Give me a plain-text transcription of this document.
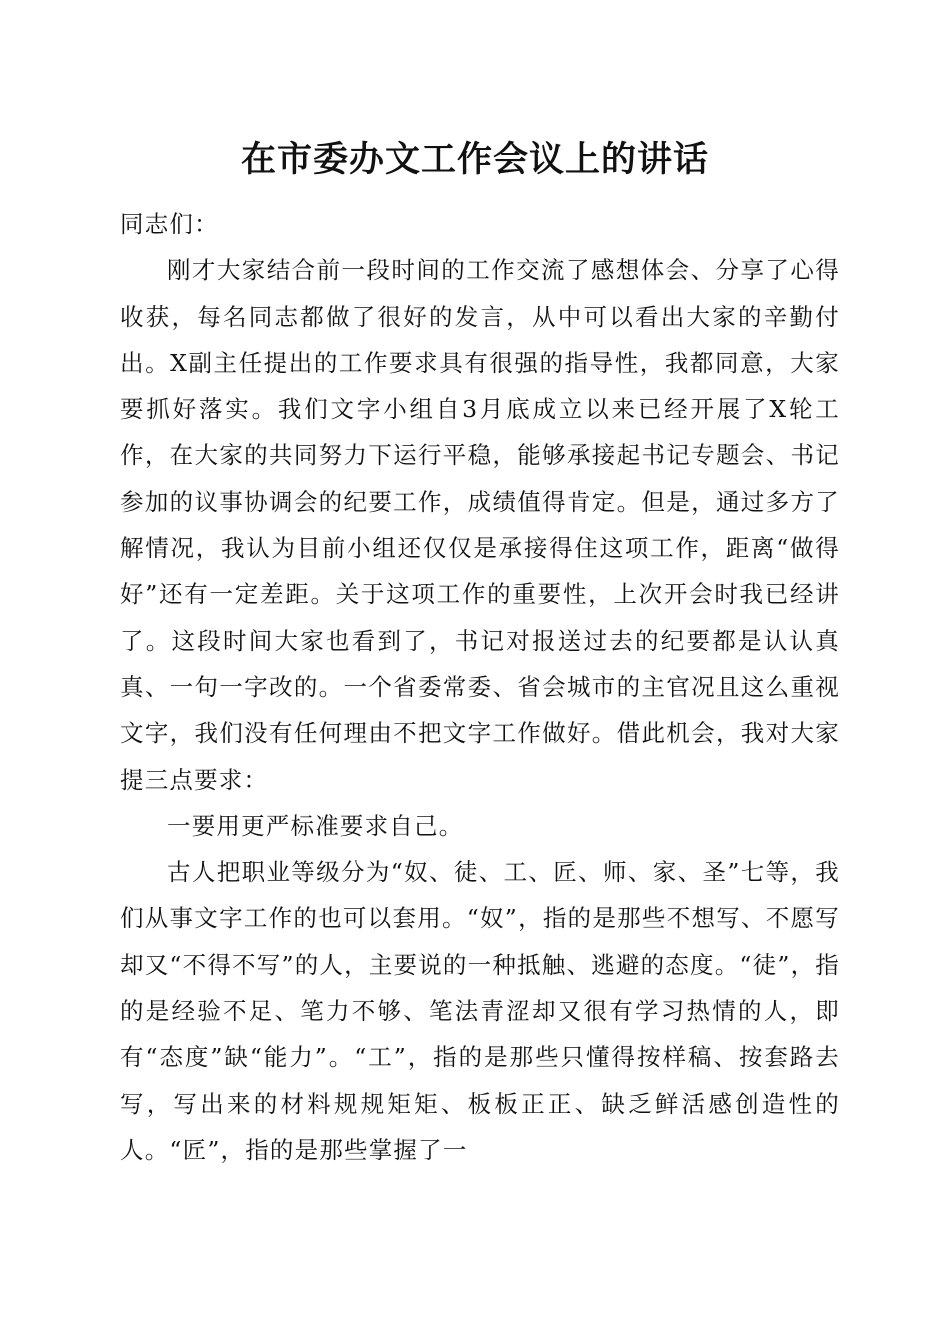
在市委办文工作会议上的讲话

同志们：

刚才大家结合前一段时间的工作交流了感想体会、分享了心得收获，每名同志都做了很好的发言，从中可以看出大家的辛勤付出。X副主任提出的工作要求具有很强的指导性，我都同意，大家要抓好落实。我们文字小组自3月底成立以来已经开展了X轮工作，在大家的共同努力下运行平稳，能够承接起书记专题会、书记参加的议事协调会的纪要工作，成绩值得肯定。但是，通过多方了解情况，我认为目前小组还仅仅是承接得住这项工作，距离“做得好”还有一定差距。关于这项工作的重要性，上次开会时我已经讲了。这段时间大家也看到了，书记对报送过去的纪要都是认认真真、一句一字改的。一个省委常委、省会城市的主官况且这么重视文字，我们没有任何理由不把文字工作做好。借此机会，我对大家提三点要求：

一要用更严标准要求自己。

古人把职业等级分为“奴、徒、工、匠、师、家、圣”七等，我们从事文字工作的也可以套用。“奴”，指的是那些不想写、不愿写却又“不得不写”的人，主要说的一种抵触、逃避的态度。“徒”，指的是经验不足、笔力不够、笔法青涩却又很有学习热情的人，即有“态度”缺“能力”。“工”，指的是那些只懂得按样稿、按套路去写，写出来的材料规规矩矩、板板正正、缺乏鲜活感创造性的人。“匠”，指的是那些掌握了一
